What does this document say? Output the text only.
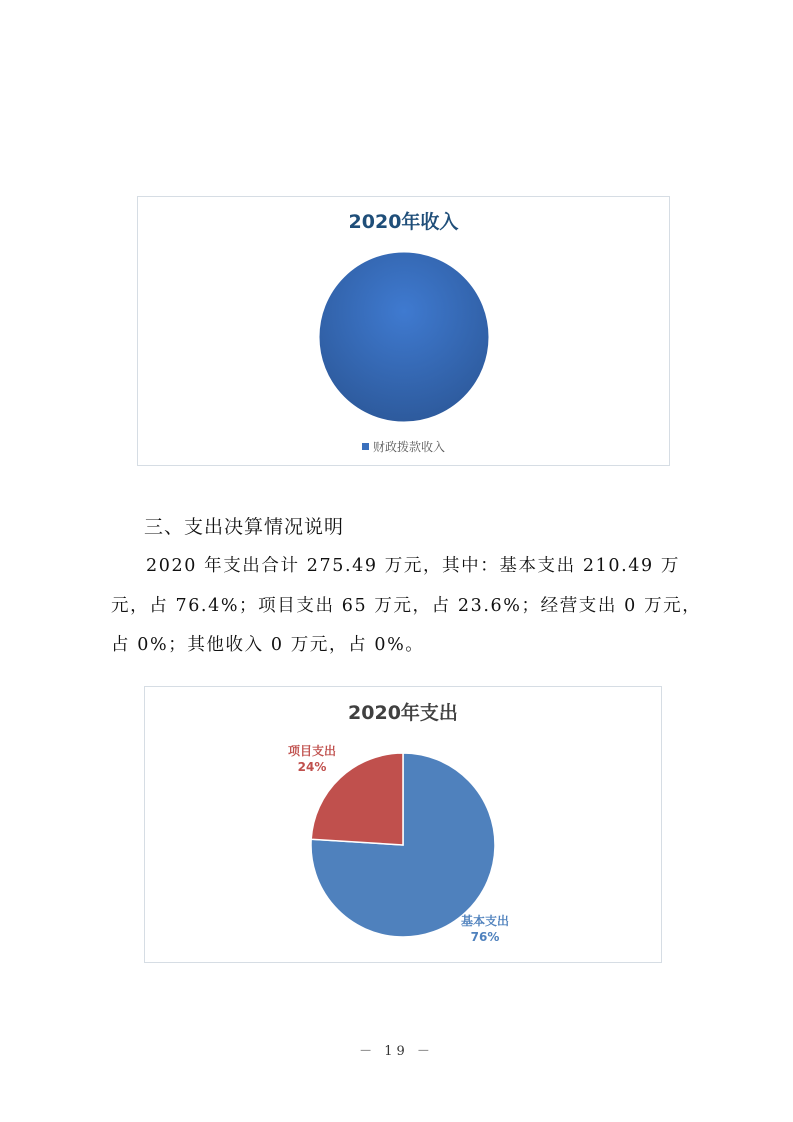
2020年收入
财政拨款收入
三、支出决算情况说明
2020 年支出合计 275.49 万元，其中：基本支出 210.49 万
元，占 76.4%；项目支出 65 万元，占 23.6%；经营支出 0 万元，
占 0%；其他收入 0 万元，占 0%。
2020年支出
项目支出
24%
基本支出
76%
－ 19 －
